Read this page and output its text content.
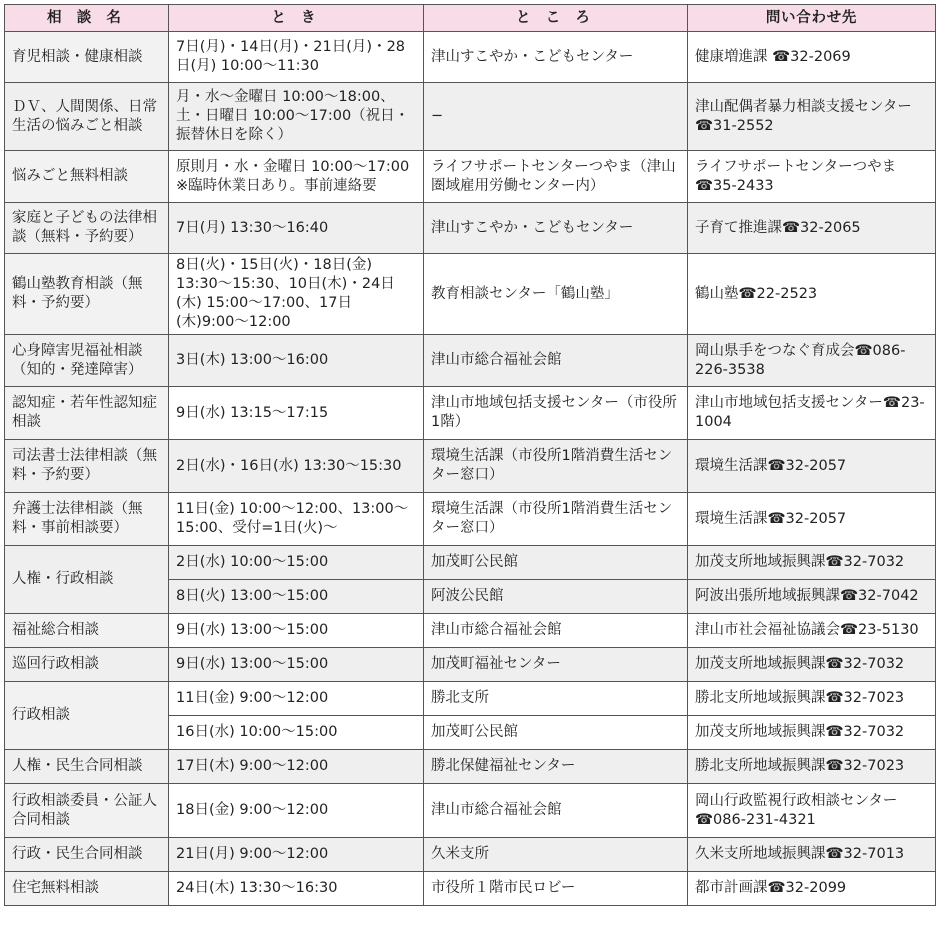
相 談 名	と き	と こ ろ	問い合わせ先
育児相談・健康相談	7日(月)・14日(月)・21日(月)・28日(月) 10:00〜11:30	津山すこやか・こどもセンター	健康増進課 ☎32-2069
ＤＶ、人間関係、日常生活の悩みごと相談	月・水〜金曜日 10:00〜18:00、土・日曜日 10:00〜17:00（祝日・振替休日を除く）	−	津山配偶者暴力相談支援センター☎31-2552
悩みごと無料相談	原則月・水・金曜日 10:00〜17:00 ※臨時休業日あり。事前連絡要	ライフサポートセンターつやま（津山圏域雇用労働センター内）	ライフサポートセンターつやま☎35-2433
家庭と子どもの法律相談（無料・予約要）	7日(月) 13:30〜16:40	津山すこやか・こどもセンター	子育て推進課☎32-2065
鶴山塾教育相談（無料・予約要）	8日(火)・15日(火)・18日(金) 13:30〜15:30、10日(木)・24日(木) 15:00〜17:00、17日(木)9:00〜12:00	教育相談センター「鶴山塾」	鶴山塾☎22-2523
心身障害児福祉相談（知的・発達障害）	3日(木) 13:00〜16:00	津山市総合福祉会館	岡山県手をつなぐ育成会☎086-226-3538
認知症・若年性認知症相談	9日(水) 13:15〜17:15	津山市地域包括支援センター（市役所1階）	津山市地域包括支援センター☎23-1004
司法書士法律相談（無料・予約要）	2日(水)・16日(水) 13:30〜15:30	環境生活課（市役所1階消費生活センター窓口）	環境生活課☎32-2057
弁護士法律相談（無料・事前相談要）	11日(金) 10:00〜12:00、13:00〜15:00、受付=1日(火)〜	環境生活課（市役所1階消費生活センター窓口）	環境生活課☎32-2057
人権・行政相談	2日(水) 10:00〜15:00	加茂町公民館	加茂支所地域振興課☎32-7032
	8日(火) 13:00〜15:00	阿波公民館	阿波出張所地域振興課☎32-7042
福祉総合相談	9日(水) 13:00〜15:00	津山市総合福祉会館	津山市社会福祉協議会☎23-5130
巡回行政相談	9日(水) 13:00〜15:00	加茂町福祉センター	加茂支所地域振興課☎32-7032
行政相談	11日(金) 9:00〜12:00	勝北支所	勝北支所地域振興課☎32-7023
	16日(水) 10:00〜15:00	加茂町公民館	加茂支所地域振興課☎32-7032
人権・民生合同相談	17日(木) 9:00〜12:00	勝北保健福祉センター	勝北支所地域振興課☎32-7023
行政相談委員・公証人合同相談	18日(金) 9:00〜12:00	津山市総合福祉会館	岡山行政監視行政相談センター☎086-231-4321
行政・民生合同相談	21日(月) 9:00〜12:00	久米支所	久米支所地域振興課☎32-7013
住宅無料相談	24日(木) 13:30〜16:30	市役所１階市民ロビー	都市計画課☎32-2099
